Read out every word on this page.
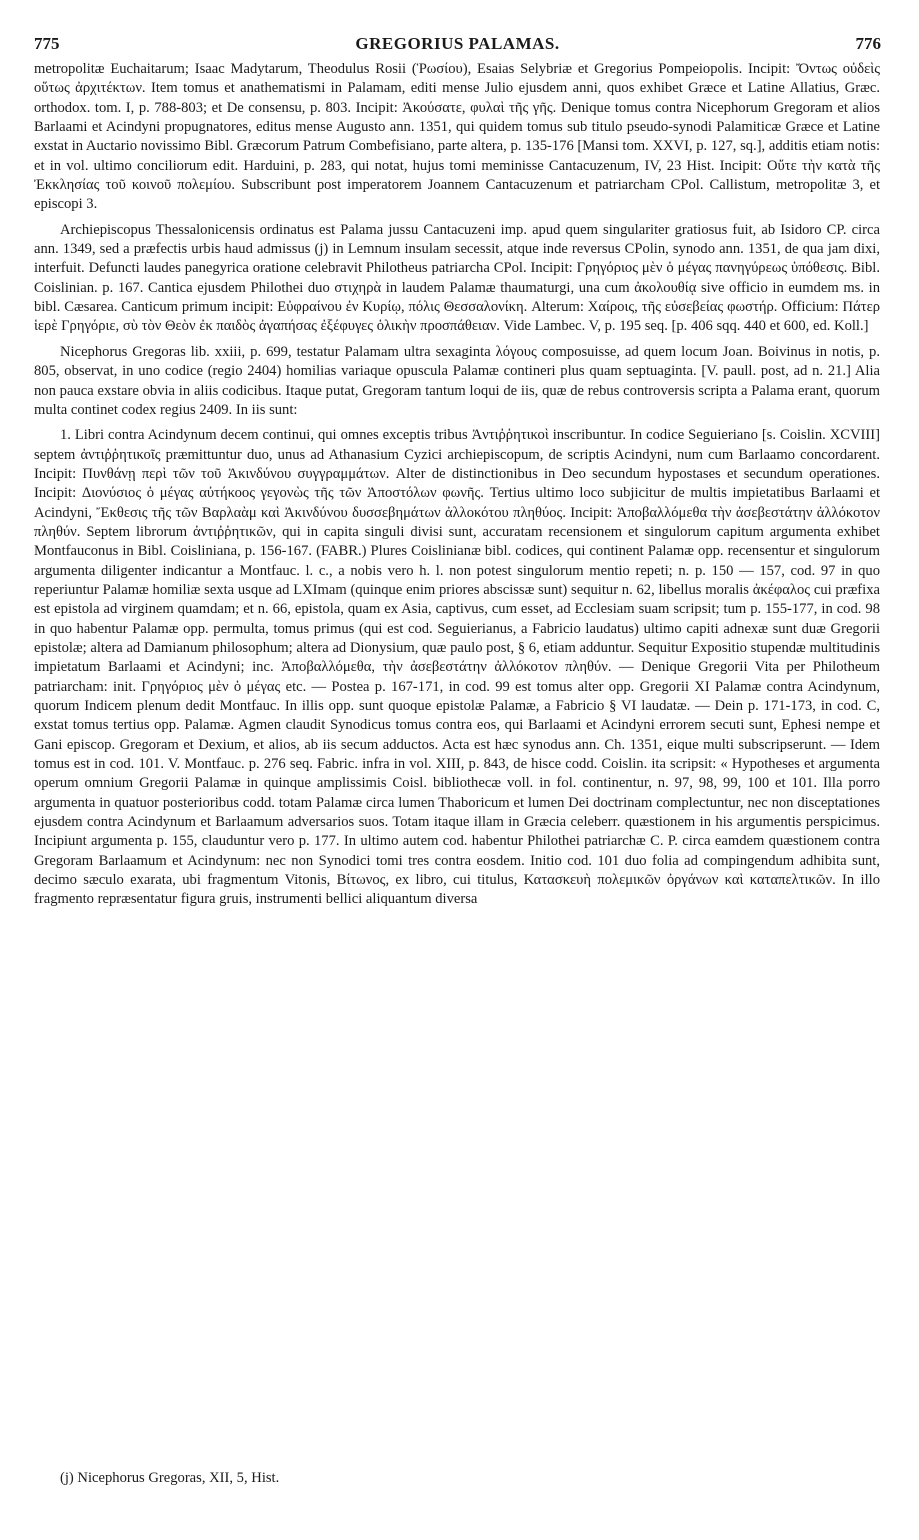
775	GREGORIUS PALAMAS.	776

metropolitæ Euchaitarum; Isaac Madytarum, Theodulus Rosii (Ῥωσίου), Esaias Selybriæ et Gregorius Pompeiopolis. Incipit: Ὄντως οὐδεὶς οὕτως ἀρχιτέκτων. Item tomus et anathematismi in Palamam, editi mense Julio ejusdem anni, quos exhibet Græce et Latine Allatius, Græc. orthodox. tom. I, p. 788-803; et De consensu, p. 803. Incipit: Ἀκούσατε, φυλαὶ τῆς γῆς. Denique tomus contra Nicephorum Gregoram et alios Barlaami et Acindyni propugnatores, editus mense Augusto ann. 1351, qui quidem tomus sub titulo pseudo-synodi Palamiticæ Græce et Latine exstat in Auctario novissimo Bibl. Græcorum Patrum Combefisiano, parte altera, p. 135-176 [Mansi tom. XXVI, p. 127, sq.], additis etiam notis: et in vol. ultimo conciliorum edit. Harduini, p. 283, qui notat, hujus tomi meminisse Cantacuzenum, IV, 23 Hist. Incipit: Οὔτε τὴν κατὰ τῆς Ἐκκλησίας τοῦ κοινοῦ πολεμίου. Subscribunt post imperatorem Joannem Cantacuzenum et patriarcham CPol. Callistum, metropolitæ 3, et episcopi 3.

Archiepiscopus Thessalonicensis ordinatus est Palama jussu Cantacuzeni imp. apud quem singulariter gratiosus fuit, ab Isidoro CP. circa ann. 1349, sed a præfectis urbis haud admissus (j) in Lemnum insulam secessit, atque inde reversus CPolin, synodo ann. 1351, de qua jam dixi, interfuit. Defuncti laudes panegyrica oratione celebravit Philotheus patriarcha CPol. Incipit: Γρηγόριος μὲν ὁ μέγας πανηγύρεως ὑπόθεσις. Bibl. Coislinian. p. 167. Cantica ejusdem Philothei duo στιχηρὰ in laudem Palamæ thaumaturgi, una cum ἀκολουθίᾳ sive officio in eumdem ms. in bibl. Cæsarea. Canticum primum incipit: Εὐφραίνου ἐν Κυρίῳ, πόλις Θεσσαλονίκη. Alterum: Χαίροις, τῆς εὐσεβείας φωστήρ. Officium: Πάτερ ἱερὲ Γρηγόριε, σὺ τὸν Θεὸν ἐκ παιδὸς ἀγαπήσας ἐξέφυγες ὁλικὴν προσπάθειαν. Vide Lambec. V, p. 195 seq. [p. 406 sqq. 440 et 600, ed. Koll.]

Nicephorus Gregoras lib. xxiii, p. 699, testatur Palamam ultra sexaginta λόγους composuisse, ad quem locum Joan. Boivinus in notis, p. 805, observat, in uno codice (regio 2404) homilias variaque opuscula Palamæ contineri plus quam septuaginta. [V. paull. post, ad n. 21.] Alia non pauca exstare obvia in aliis codicibus. Itaque putat, Gregoram tantum loqui de iis, quæ de rebus controversis scripta a Palama erant, quorum multa continet codex regius 2409. In iis sunt:

1. Libri contra Acindynum decem continui, qui omnes exceptis tribus Ἀντιῤῥητικοὶ inscribuntur. In codice Seguieriano [s. Coislin. XCVIII] septem ἀντιῤῥητικοῖς præmittuntur duo, unus ad Athanasium Cyzici archiepiscopum, de scriptis Acindyni, num cum Barlaamo concordarent. Incipit: Πυνθάνῃ περὶ τῶν τοῦ Ἀκινδύνου συγγραμμάτων. Alter de distinctionibus in Deo secundum hypostases et secundum operationes. Incipit: Διονύσιος ὁ μέγας αὐτήκοος γεγονὼς τῆς τῶν Ἀποστόλων φωνῆς. Tertius ultimo loco subjicitur de multis impietatibus Barlaami et Acindyni, Ἔκθεσις τῆς τῶν Βαρλαὰμ καὶ Ἀκινδύνου δυσσεβημάτων ἀλλοκότου πληθύος. Incipit: Ἀποβαλλόμεθα τὴν ἀσεβεστάτην ἀλλόκοτον πληθύν. Septem librorum ἀντιῤῥητικῶν, qui in capita singuli divisi sunt, accuratam recensionem et singulorum capitum argumenta exhibet Montfauconus in Bibl. Coisliniana, p. 156-167. (FABR.) Plures Coislinianæ bibl. codices, qui continent Palamæ opp. recensentur et singulorum argumenta diligenter indicantur a Montfauc. l. c., a nobis vero h. l. non potest singulorum mentio repeti; n. p. 150 — 157, cod. 97 in quo reperiuntur Palamæ homiliæ sexta usque ad LXImam (quinque enim priores abscissæ sunt) sequitur n. 62, libellus moralis ἀκέφαλος cui præfixa est epistola ad virginem quamdam; et n. 66, epistola, quam ex Asia, captivus, cum esset, ad Ecclesiam suam scripsit; tum p. 155-177, in cod. 98 in quo habentur Palamæ opp. permulta, tomus primus (qui est cod. Seguierianus, a Fabricio laudatus) ultimo capiti adnexæ sunt duæ Gregorii epistolæ; altera ad Damianum philosophum; altera ad Dionysium, quæ paulo post, § 6, etiam adduntur. Sequitur Expositio stupendæ multitudinis impietatum Barlaami et Acindyni; inc. Ἀποβαλλόμεθα, τὴν ἀσεβεστάτην ἀλλόκοτον πληθύν. — Denique Gregorii Vita per Philotheum patriarcham: init. Γρηγόριος μὲν ὁ μέγας etc. — Postea p. 167-171, in cod. 99 est tomus alter opp. Gregorii XI Palamæ contra Acindynum, quorum Indicem plenum dedit Montfauc. In illis opp. sunt quoque epistolæ Palamæ, a Fabricio § VI laudatæ. — Dein p. 171-173, in cod. C, exstat tomus tertius opp. Palamæ. Agmen claudit Synodicus tomus contra eos, qui Barlaami et Acindyni errorem secuti sunt, Ephesi nempe et Gani episcop. Gregoram et Dexium, et alios, ab iis secum adductos. Acta est hæc synodus ann. Ch. 1351, eique multi subscripserunt. — Idem tomus est in cod. 101. V. Montfauc. p. 276 seq. Fabric. infra in vol. XIII, p. 843, de hisce codd. Coislin. ita scripsit: « Hypotheses et argumenta operum omnium Gregorii Palamæ in quinque amplissimis Coisl. bibliothecæ voll. in fol. continentur, n. 97, 98, 99, 100 et 101. Illa porro argumenta in quatuor posterioribus codd. totam Palamæ circa lumen Thaboricum et lumen Dei doctrinam complectuntur, nec non disceptationes ejusdem contra Acindynum et Barlaamum adversarios suos. Totam itaque illam in Græcia celeberr. quæstionem in his argumentis perspicimus. Incipiunt argumenta p. 155, clauduntur vero p. 177. In ultimo autem cod. habentur Philothei patriarchæ C. P. circa eamdem quæstionem contra Gregoram Barlaamum et Acindynum: nec non Synodici tomi tres contra eosdem. Initio cod. 101 duo folia ad compingendum adhibita sunt, decimo sæculo exarata, ubi fragmentum Vitonis, Βίτωνος, ex libro, cui titulus, Κατασκευὴ πολεμικῶν ὀργάνων καὶ καταπελτικῶν. In illo fragmento repræsentatur figura gruis, instrumenti bellici aliquantum diversa

(j) Nicephorus Gregoras, XII, 5, Hist.
